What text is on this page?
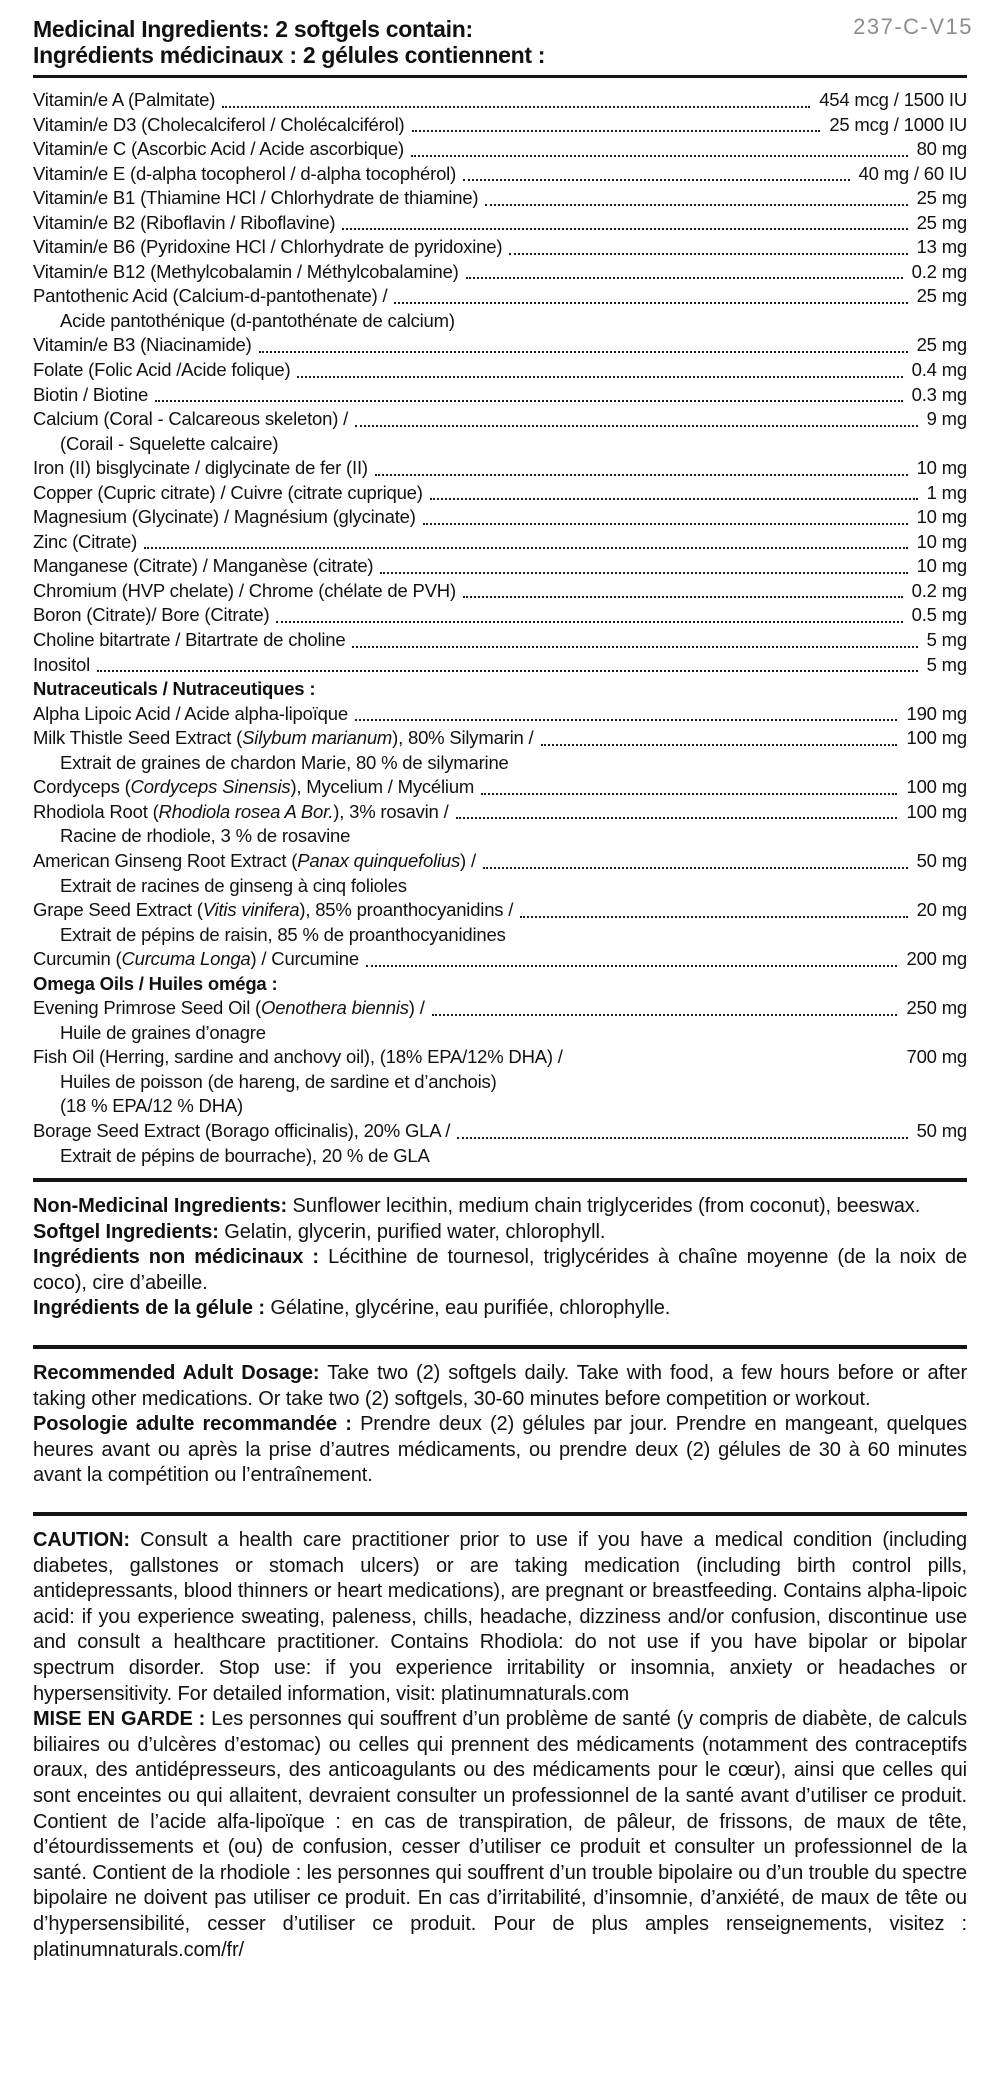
Medicinal Ingredients: 2 softgels contain:
Ingrédients médicinaux : 2 gélules contiennent :
237-C-V15
Vitamin/e A (Palmitate)	454 mcg / 1500 IU
Vitamin/e D3 (Cholecalciferol / Cholécalciférol)	25 mcg / 1000 IU
Vitamin/e C (Ascorbic Acid / Acide ascorbique)	80 mg
Vitamin/e E (d-alpha tocopherol / d-alpha tocophérol)	40 mg / 60 IU
Vitamin/e B1 (Thiamine HCl / Chlorhydrate de thiamine)	25 mg
Vitamin/e B2 (Riboflavin / Riboflavine)	25 mg
Vitamin/e B6 (Pyridoxine HCl / Chlorhydrate de pyridoxine)	13 mg
Vitamin/e B12 (Methylcobalamin / Méthylcobalamine)	0.2 mg
Pantothenic Acid (Calcium-d-pantothenate) /	25 mg
Acide pantothénique (d-pantothénate de calcium)
Vitamin/e B3 (Niacinamide)	25 mg
Folate (Folic Acid /Acide folique)	0.4 mg
Biotin / Biotine	0.3 mg
Calcium (Coral - Calcareous skeleton) /	9 mg
(Corail - Squelette calcaire)
Iron (II) bisglycinate / diglycinate de fer (II)	10 mg
Copper (Cupric citrate) / Cuivre (citrate cuprique)	1 mg
Magnesium (Glycinate) / Magnésium (glycinate)	10 mg
Zinc (Citrate)	10 mg
Manganese (Citrate) / Manganèse (citrate)	10 mg
Chromium (HVP chelate) / Chrome (chélate de PVH)	0.2 mg
Boron (Citrate)/ Bore (Citrate)	0.5 mg
Choline bitartrate / Bitartrate de choline	5 mg
Inositol	5 mg
Nutraceuticals / Nutraceutiques :
Alpha Lipoic Acid / Acide alpha-lipoïque	190 mg
Milk Thistle Seed Extract (Silybum marianum), 80% Silymarin /	100 mg
Extrait de graines de chardon Marie, 80 % de silymarine
Cordyceps (Cordyceps Sinensis), Mycelium / Mycélium	100 mg
Rhodiola Root (Rhodiola rosea A Bor.), 3% rosavin /	100 mg
Racine de rhodiole, 3 % de rosavine
American Ginseng Root Extract (Panax quinquefolius) /	50 mg
Extrait de racines de ginseng à cinq folioles
Grape Seed Extract (Vitis vinifera), 85% proanthocyanidins /	20 mg
Extrait de pépins de raisin, 85 % de proanthocyanidines
Curcumin (Curcuma Longa) / Curcumine	200 mg
Omega Oils / Huiles oméga :
Evening Primrose Seed Oil (Oenothera biennis) /	250 mg
Huile de graines d’onagre
Fish Oil (Herring, sardine and anchovy oil), (18% EPA/12% DHA) /	700 mg
Huiles de poisson (de hareng, de sardine et d’anchois)
(18 % EPA/12 % DHA)
Borage Seed Extract (Borago officinalis), 20% GLA /	50 mg
Extrait de pépins de bourrache), 20 % de GLA

Non-Medicinal Ingredients: Sunflower lecithin, medium chain triglycerides (from coconut), beeswax.

Softgel Ingredients: Gelatin, glycerin, purified water, chlorophyll.

Ingrédients non médicinaux : Lécithine de tournesol, triglycérides à chaîne moyenne (de la noix de coco), cire d’abeille.

Ingrédients de la gélule : Gélatine, glycérine, eau purifiée, chlorophylle.

Recommended Adult Dosage: Take two (2) softgels daily. Take with food, a few hours before or after taking other medications. Or take two (2) softgels, 30-60 minutes before competition or workout.

Posologie adulte recommandée : Prendre deux (2) gélules par jour. Prendre en mangeant, quelques heures avant ou après la prise d’autres médicaments, ou prendre deux (2) gélules de 30 à 60 minutes avant la compétition ou l’entraînement.

CAUTION: Consult a health care practitioner prior to use if you have a medical condition (including diabetes, gallstones or stomach ulcers) or are taking medication (including birth control pills, antidepressants, blood thinners or heart medications), are pregnant or breastfeeding. Contains alpha-lipoic acid: if you experience sweating, paleness, chills, headache, dizziness and/or confusion, discontinue use and consult a healthcare practitioner. Contains Rhodiola: do not use if you have bipolar or bipolar spectrum disorder. Stop use: if you experience irritability or insomnia, anxiety or headaches or hypersensitivity. For detailed information, visit: platinumnaturals.com

MISE EN GARDE : Les personnes qui souffrent d’un problème de santé (y compris de diabète, de calculs biliaires ou d’ulcères d’estomac) ou celles qui prennent des médicaments (notamment des contraceptifs oraux, des antidépresseurs, des anticoagulants ou des médicaments pour le cœur), ainsi que celles qui sont enceintes ou qui allaitent, devraient consulter un professionnel de la santé avant d’utiliser ce produit. Contient de l’acide alfa-lipoïque : en cas de transpiration, de pâleur, de frissons, de maux de tête, d’étourdissements et (ou) de confusion, cesser d’utiliser ce produit et consulter un professionnel de la santé. Contient de la rhodiole : les personnes qui souffrent d’un trouble bipolaire ou d’un trouble du spectre bipolaire ne doivent pas utiliser ce produit. En cas d’irritabilité, d’insomnie, d’anxiété, de maux de tête ou d’hypersensibilité, cesser d’utiliser ce produit. Pour de plus amples renseignements, visitez : platinumnaturals.com/fr/
